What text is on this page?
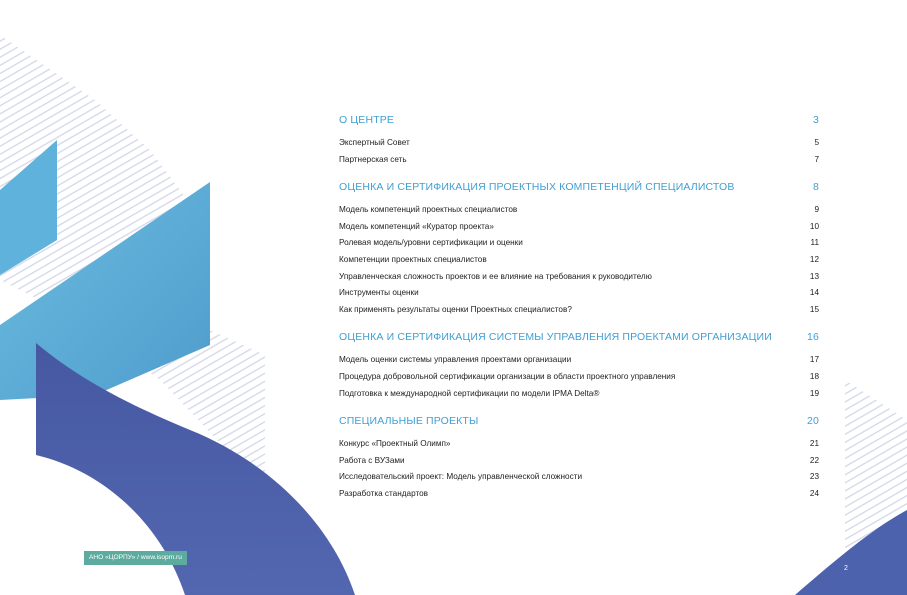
О ЦЕНТРЕ	3
Экспертный Совет	5
Партнерская сеть	7
ОЦЕНКА И СЕРТИФИКАЦИЯ ПРОЕКТНЫХ КОМПЕТЕНЦИЙ СПЕЦИАЛИСТОВ	8
Модель компетенций проектных специалистов	9
Модель компетенций «Куратор проекта»	10
Ролевая модель/уровни сертификации и оценки	11
Компетенции проектных специалистов	12
Управленческая сложность проектов и ее влияние на требования к руководителю	13
Инструменты оценки	14
Как применять результаты оценки Проектных специалистов?	15
ОЦЕНКА И СЕРТИФИКАЦИЯ СИСТЕМЫ УПРАВЛЕНИЯ ПРОЕКТАМИ ОРГАНИЗАЦИИ	16
Модель оценки системы управления проектами организации	17
Процедура добровольной сертификации организации в области проектного управления	18
Подготовка к международной сертификации по модели IPMA Delta®	19
СПЕЦИАЛЬНЫЕ ПРОЕКТЫ	20
Конкурс «Проектный Олимп»	21
Работа с ВУЗами	22
Исследовательский проект: Модель управленческой сложности	23
Разработка стандартов	24
АНО «ЦОРПУ» / www.isopm.ru
2
